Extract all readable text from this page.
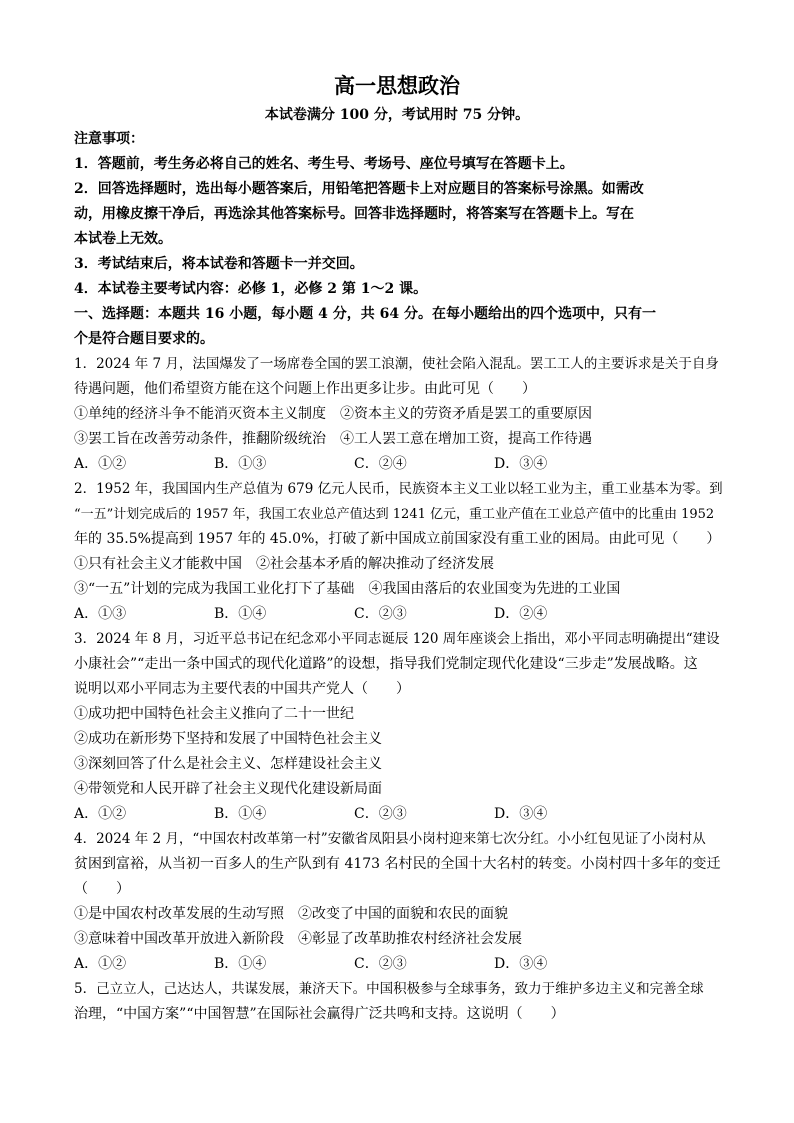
高一思想政治
本试卷满分 100 分，考试用时 75 分钟。
注意事项：
1．答题前，考生务必将自己的姓名、考生号、考场号、座位号填写在答题卡上。
2．回答选择题时，选出每小题答案后，用铅笔把答题卡上对应题目的答案标号涂黑。如需改
动，用橡皮擦干净后，再选涂其他答案标号。回答非选择题时，将答案写在答题卡上。写在
本试卷上无效。
3．考试结束后，将本试卷和答题卡一并交回。
4．本试卷主要考试内容：必修 1，必修 2 第 1～2 课。
一、选择题：本题共 16 小题，每小题 4 分，共 64 分。在每小题给出的四个选项中，只有一
个是符合题目要求的。
1．2024 年 7 月，法国爆发了一场席卷全国的罢工浪潮，使社会陷入混乱。罢工工人的主要诉求是关于自身
待遇问题，他们希望资方能在这个问题上作出更多让步。由此可见（　　）
①单纯的经济斗争不能消灭资本主义制度　②资本主义的劳资矛盾是罢工的重要原因
③罢工旨在改善劳动条件，推翻阶级统治　④工人罢工意在增加工资，提高工作待遇
A．①②	B．①③	C．②④	D．③④
2．1952 年，我国国内生产总值为 679 亿元人民币，民族资本主义工业以轻工业为主，重工业基本为零。到
“一五”计划完成后的 1957 年，我国工农业总产值达到 1241 亿元，重工业产值在工业总产值中的比重由 1952
年的 35.5%提高到 1957 年的 45.0%，打破了新中国成立前国家没有重工业的困局。由此可见（　　）
①只有社会主义才能救中国　②社会基本矛盾的解决推动了经济发展
③“一五”计划的完成为我国工业化打下了基础　④我国由落后的农业国变为先进的工业国
A．①③	B．①④	C．②③	D．②④
3．2024 年 8 月，习近平总书记在纪念邓小平同志诞辰 120 周年座谈会上指出，邓小平同志明确提出“建设
小康社会”“走出一条中国式的现代化道路”的设想，指导我们党制定现代化建设“三步走”发展战略。这
说明以邓小平同志为主要代表的中国共产党人（　　）
①成功把中国特色社会主义推向了二十一世纪
②成功在新形势下坚持和发展了中国特色社会主义
③深刻回答了什么是社会主义、怎样建设社会主义
④带领党和人民开辟了社会主义现代化建设新局面
A．①②	B．①④	C．②③	D．③④
4．2024 年 2 月，“中国农村改革第一村”安徽省凤阳县小岗村迎来第七次分红。小小红包见证了小岗村从
贫困到富裕，从当初一百多人的生产队到有 4173 名村民的全国十大名村的转变。小岗村四十多年的变迁
（　　）
①是中国农村改革发展的生动写照　②改变了中国的面貌和农民的面貌
③意味着中国改革开放进入新阶段　④彰显了改革助推农村经济社会发展
A．①②	B．①④	C．②③	D．③④
5．己立立人，己达达人，共谋发展，兼济天下。中国积极参与全球事务，致力于维护多边主义和完善全球
治理，“中国方案”“中国智慧”在国际社会赢得广泛共鸣和支持。这说明（　　）
